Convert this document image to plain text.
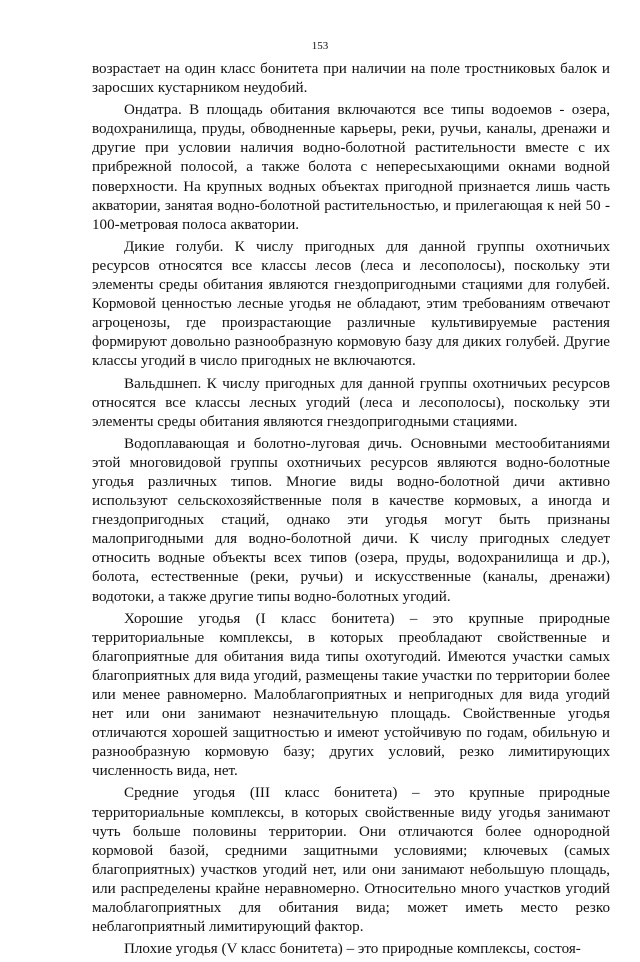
153

возрастает на один класс бонитета при наличии на поле тростниковых балок и заросших кустарником неудобий.

Ондатра. В площадь обитания включаются все типы водоемов - озера, водохранилища, пруды, обводненные карьеры, реки, ручьи, каналы, дренажи и другие при условии наличия водно-болотной растительности вместе с их прибрежной полосой, а также болота с непересыхающими окнами водной поверхности. На крупных водных объектах пригодной признается лишь часть акватории, занятая водно-болотной растительностью, и прилегающая к ней 50 - 100-метровая полоса акватории.

Дикие голуби. К числу пригодных для данной группы охотничьих ресурсов относятся все классы лесов (леса и лесополосы), поскольку эти элементы среды обитания являются гнездопригодными стациями для голубей. Кормовой ценностью лесные угодья не обладают, этим требованиям отвечают агроценозы, где произрастающие различные культивируемые растения формируют довольно разнообразную кормовую базу для диких голубей. Другие классы угодий в число пригодных не включаются.

Вальдшнеп. К числу пригодных для данной группы охотничьих ресурсов относятся все классы лесных угодий (леса и лесополосы), поскольку эти элементы среды обитания являются гнездопригодными стациями.

Водоплавающая и болотно-луговая дичь. Основными местообитаниями этой многовидовой группы охотничьих ресурсов являются водно-болотные угодья различных типов. Многие виды водно-болотной дичи активно используют сельскохозяйственные поля в качестве кормовых, а иногда и гнездопригодных стаций, однако эти угодья могут быть признаны малопригодными для водно-болотной дичи. К числу пригодных следует относить водные объекты всех типов (озера, пруды, водохранилища и др.), болота, естественные (реки, ручьи) и искусственные (каналы, дренажи) водотоки, а также другие типы водно-болотных угодий.

Хорошие угодья (I класс бонитета) – это крупные природные территориальные комплексы, в которых преобладают свойственные и благоприятные для обитания вида типы охотугодий. Имеются участки самых благоприятных для вида угодий, размещены такие участки по территории более или менее равномерно. Малоблагоприятных и непригодных для вида угодий нет или они занимают незначительную площадь. Свойственные угодья отличаются хорошей защитностью и имеют устойчивую по годам, обильную и разнообразную кормовую базу; других условий, резко лимитирующих численность вида, нет.

Средние угодья (III класс бонитета) – это крупные природные территориальные комплексы, в которых свойственные виду угодья занимают чуть больше половины территории. Они отличаются более однородной кормовой базой, средними защитными условиями; ключевых (самых благоприятных) участков угодий нет, или они занимают небольшую площадь, или распределены крайне неравномерно. Относительно много участков угодий малоблагоприятных для обитания вида; может иметь место резко неблагоприятный лимитирующий фактор.

Плохие угодья (V класс бонитета) – это природные комплексы, состоя-
